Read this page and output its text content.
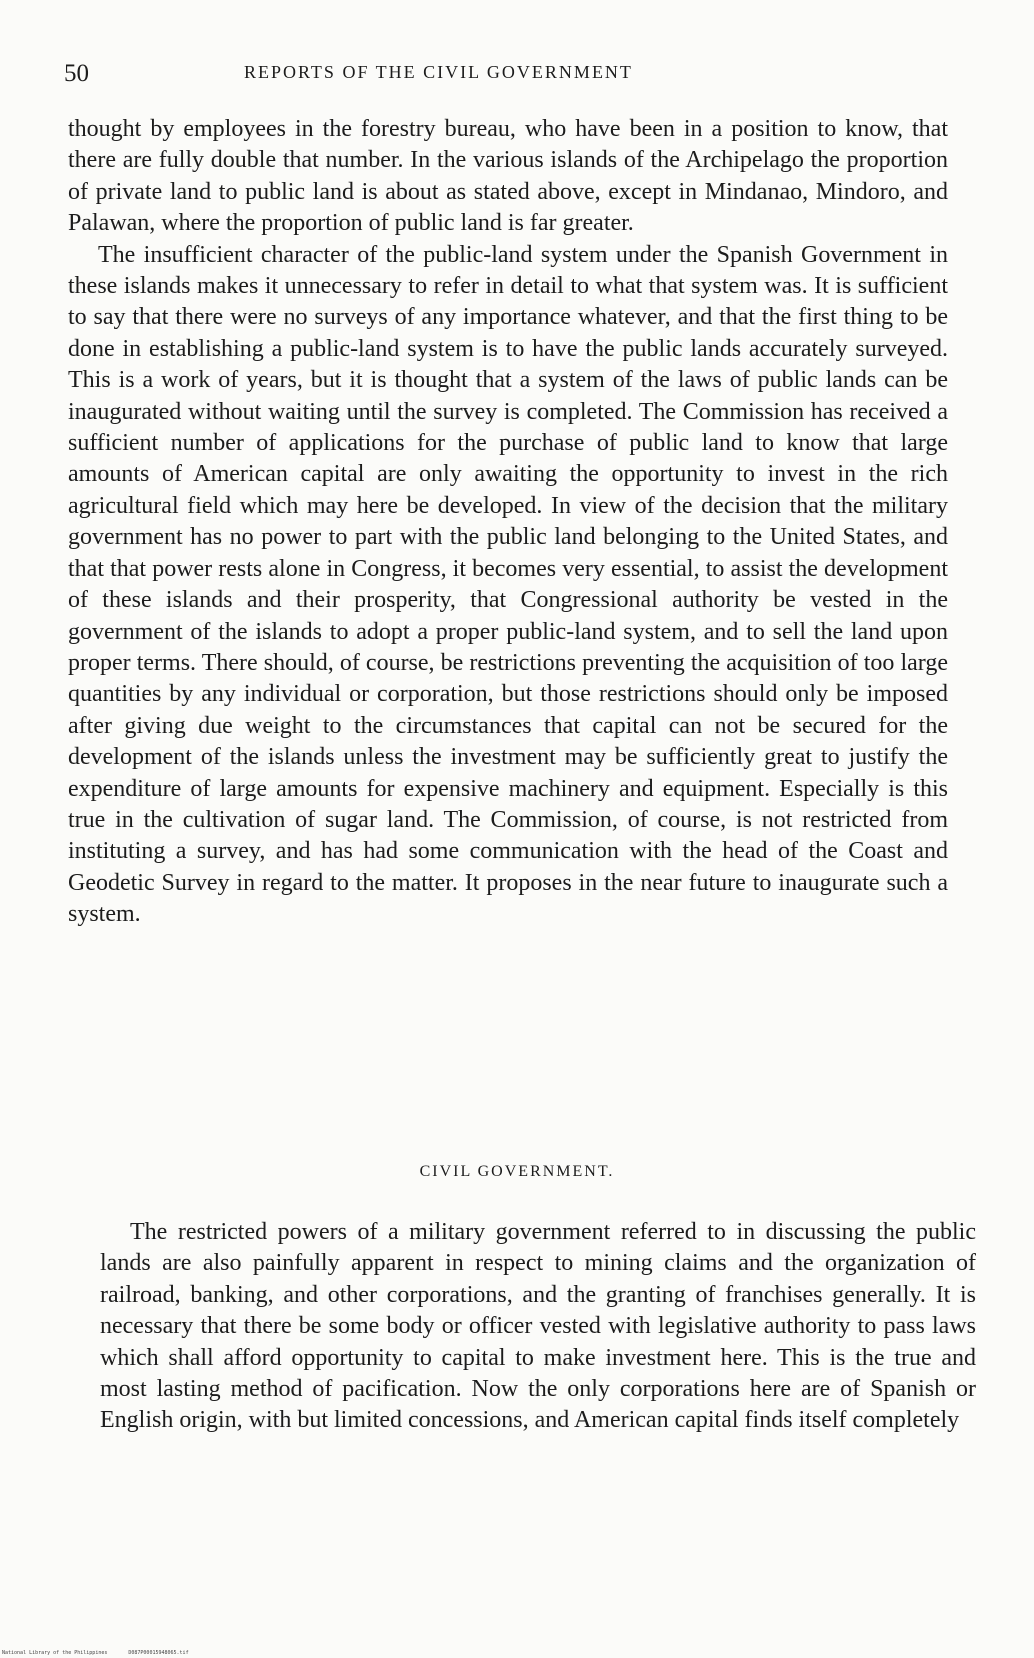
50	REPORTS OF THE CIVIL GOVERNMENT

thought by employees in the forestry bureau, who have been in a position to know, that there are fully double that number. In the various islands of the Archipelago the proportion of private land to public land is about as stated above, except in Mindanao, Mindoro, and Palawan, where the proportion of public land is far greater.

The insufficient character of the public-land system under the Spanish Government in these islands makes it unnecessary to refer in detail to what that system was. It is sufficient to say that there were no surveys of any importance whatever, and that the first thing to be done in establishing a public-land system is to have the public lands accurately surveyed. This is a work of years, but it is thought that a system of the laws of public lands can be inaugurated without waiting until the survey is completed. The Commission has received a sufficient number of applications for the purchase of public land to know that large amounts of American capital are only awaiting the opportunity to invest in the rich agricultural field which may here be developed. In view of the decision that the military government has no power to part with the public land belonging to the United States, and that that power rests alone in Congress, it becomes very essential, to assist the development of these islands and their prosperity, that Congressional authority be vested in the government of the islands to adopt a proper public-land system, and to sell the land upon proper terms. There should, of course, be restrictions preventing the acquisition of too large quantities by any individual or corporation, but those restrictions should only be imposed after giving due weight to the circumstances that capital can not be secured for the development of the islands unless the investment may be sufficiently great to justify the expenditure of large amounts for expensive machinery and equipment. Especially is this true in the cultivation of sugar land. The Commission, of course, is not restricted from instituting a survey, and has had some communication with the head of the Coast and Geodetic Survey in regard to the matter. It proposes in the near future to inaugurate such a system.

CIVIL GOVERNMENT.

The restricted powers of a military government referred to in discussing the public lands are also painfully apparent in respect to mining claims and the organization of railroad, banking, and other corporations, and the granting of franchises generally. It is necessary that there be some body or officer vested with legislative authority to pass laws which shall afford opportunity to capital to make investment here. This is the true and most lasting method of pacification. Now the only corporations here are of Spanish or English origin, with but limited concessions, and American capital finds itself completely

National Library of the Philippines	D087P00015948065.tif
